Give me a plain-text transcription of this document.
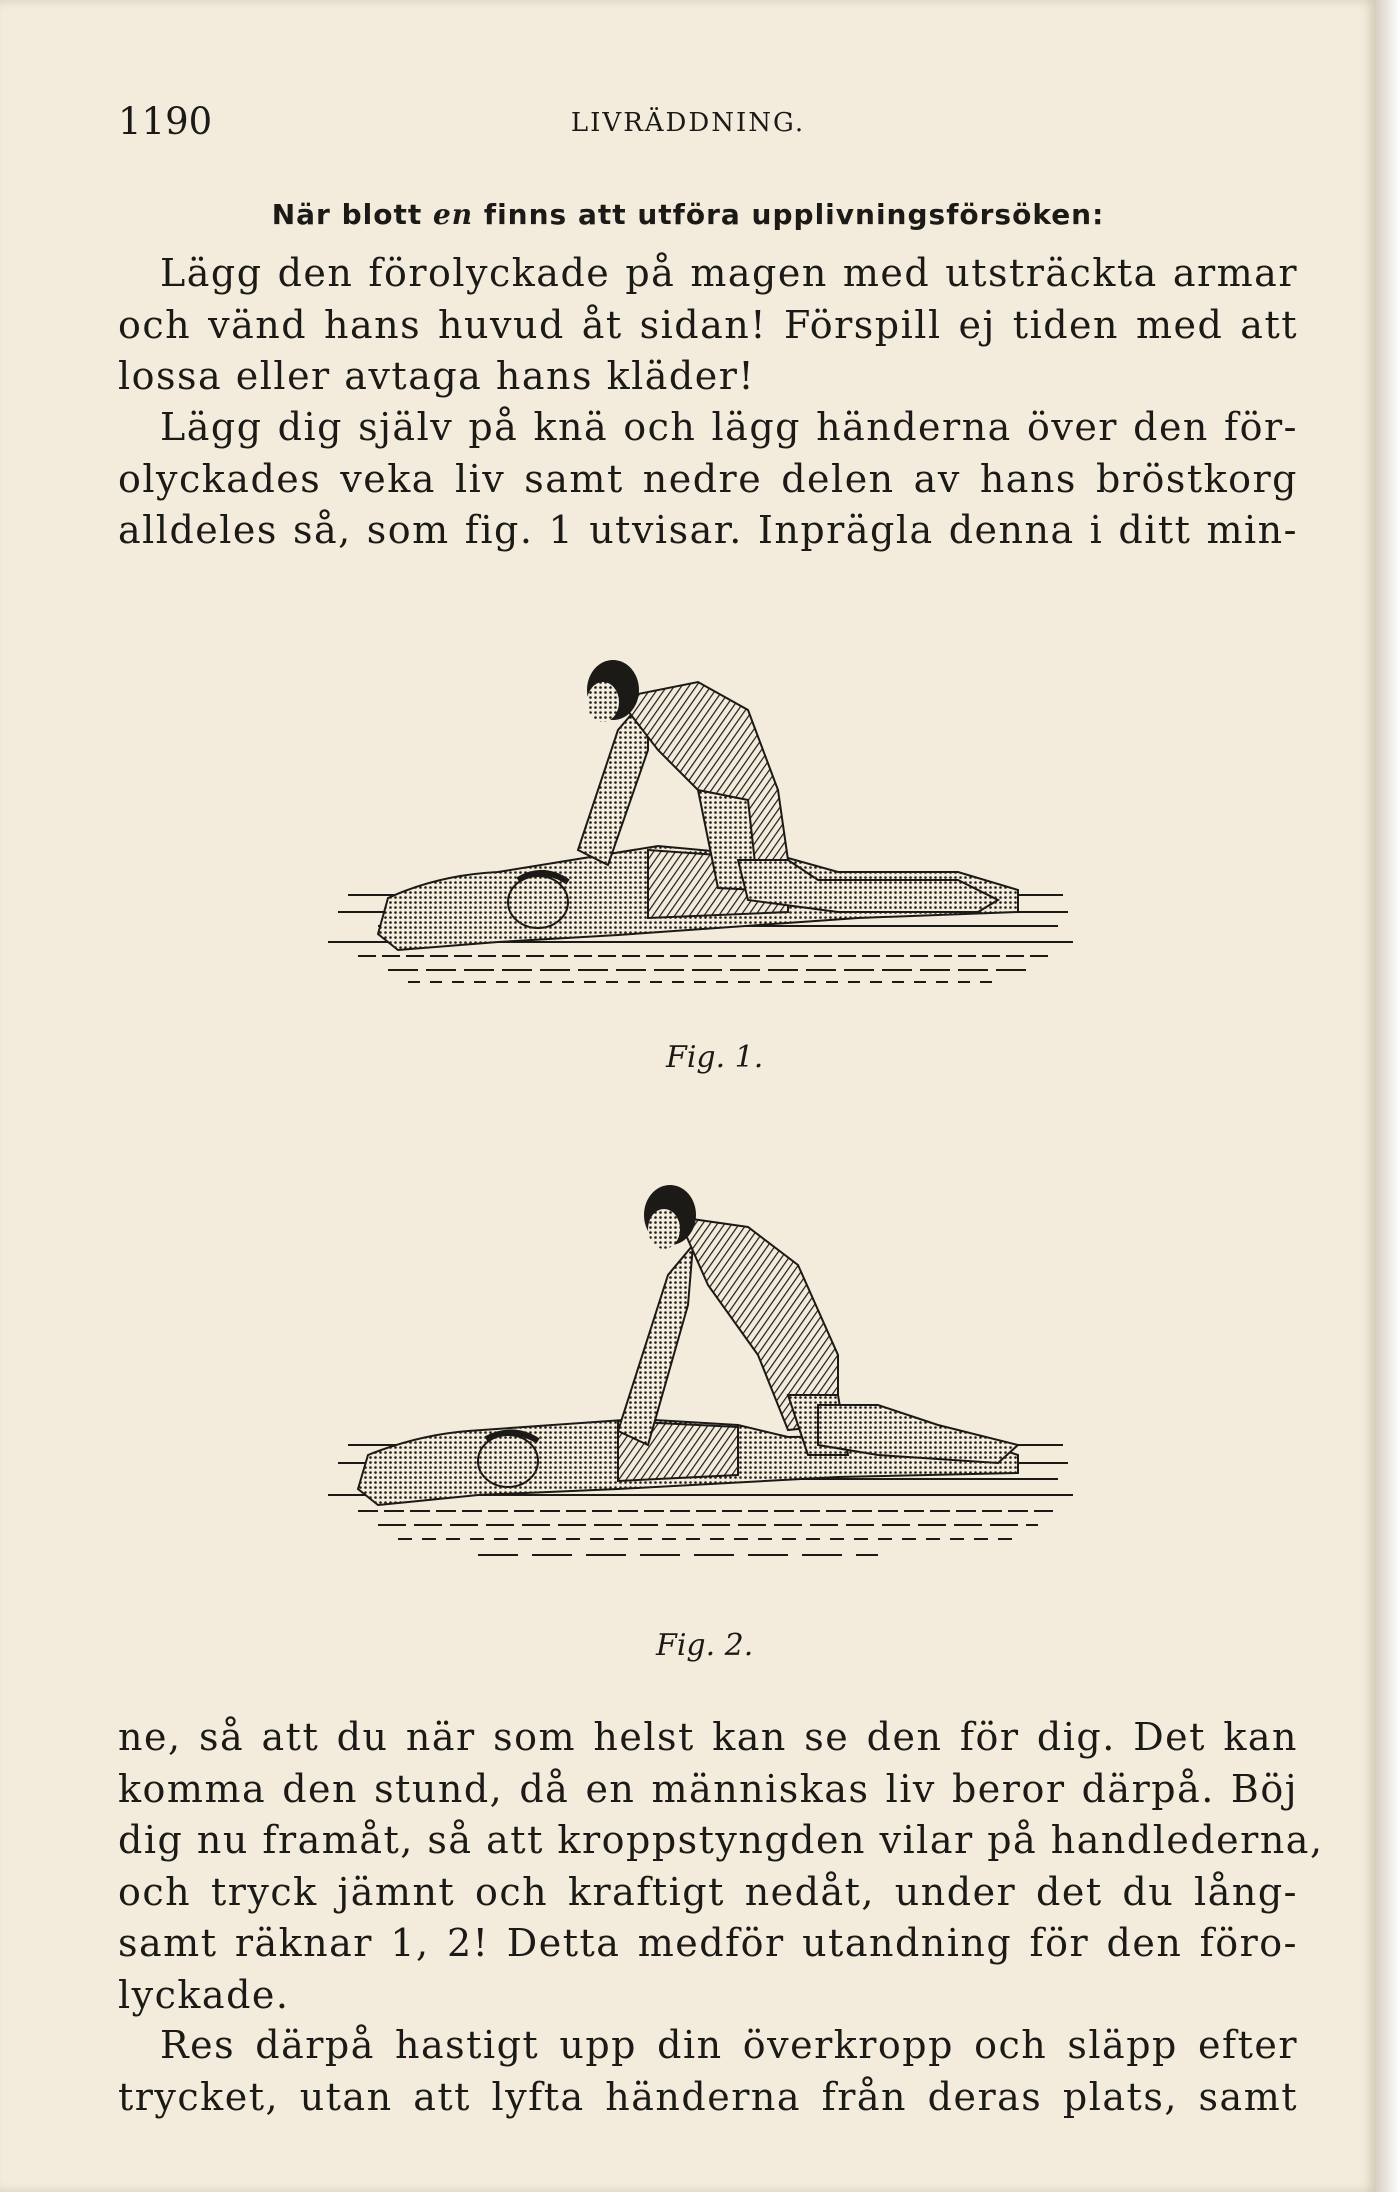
1190	LIVRÄDDNING.
När blott en finns att utföra upplivningsförsöken:
Lägg den förolyckade på magen med utsträckta armar
och vänd hans huvud åt sidan! Förspill ej tiden med att
lossa eller avtaga hans kläder!
Lägg dig själv på knä och lägg händerna över den för-
olyckades veka liv samt nedre delen av hans bröstkorg
alldeles så, som fig. 1 utvisar. Inprägla denna i ditt min-
Fig. 1.
Fig. 2.
ne, så att du när som helst kan se den för dig. Det kan
komma den stund, då en människas liv beror därpå. Böj
dig nu framåt, så att kroppstyngden vilar på handlederna,
och tryck jämnt och kraftigt nedåt, under det du lång-
samt räknar 1, 2! Detta medför utandning för den föro-
lyckade.
Res därpå hastigt upp din överkropp och släpp efter
trycket, utan att lyfta händerna från deras plats, samt
